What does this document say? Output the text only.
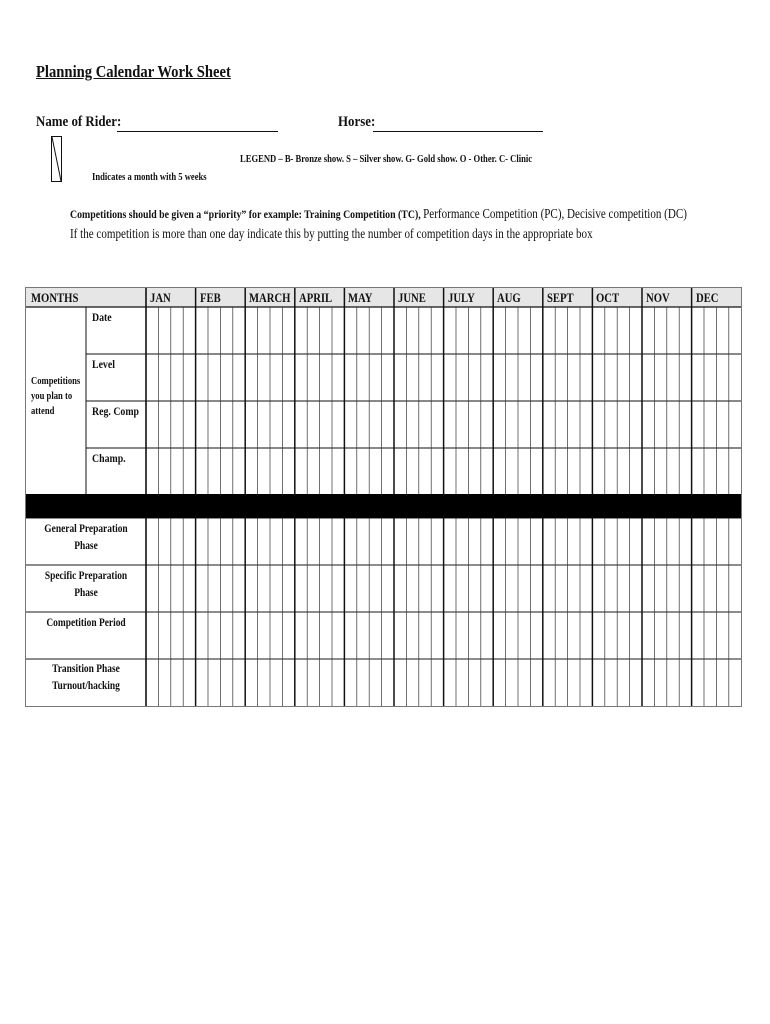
Planning Calendar Work Sheet
Name of Rider:	Horse:
LEGEND – B- Bronze show. S – Silver show. G- Gold show. O - Other. C- Clinic
Indicates a month with 5 weeks
Competitions should be given a “priority” for example: Training Competition (TC), Performance Competition (PC), Decisive competition (DC)
If the competition is more than one day indicate this by putting the number of competition days in the appropriate box
MONTHS	JAN FEB MARCH APRIL MAY JUNE JULY AUG SEPT OCT NOV DEC
Competitions you plan to attend
Date
Level
Reg. Comp
Champ.
General Preparation Phase
Specific Preparation Phase
Competition Period
Transition Phase Turnout/hacking
